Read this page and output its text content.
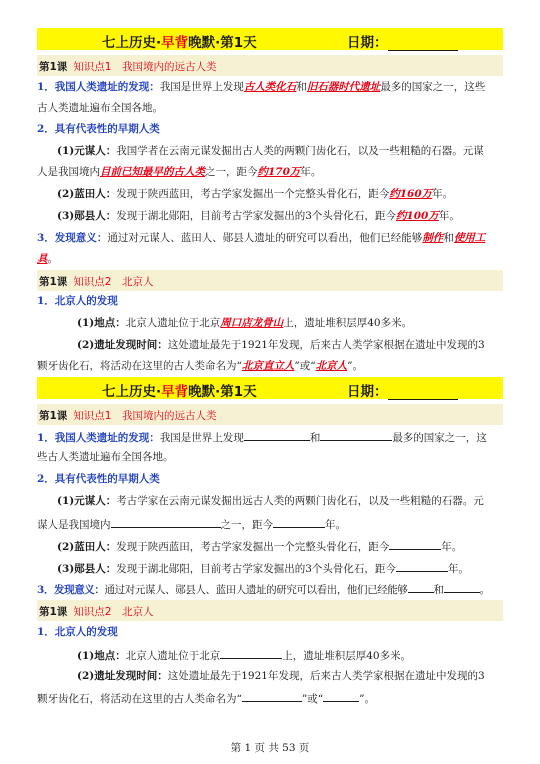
七上历史·早背晚默·第1天	日期：
第1课 知识点1　我国境内的远古人类
1．我国人类遗址的发现：我国是世界上发现古人类化石和旧石器时代遗址最多的国家之一，这些
古人类遗址遍布全国各地。
2．具有代表性的早期人类
(1)元谋人：我国学者在云南元谋发掘出古人类的两颗门齿化石，以及一些粗糙的石器。元谋
人是我国境内目前已知最早的古人类之一，距今约170万年。
(2)蓝田人：发现于陕西蓝田，考古学家发掘出一个完整头骨化石，距今约160万年。
(3)郧县人：发现于湖北郧阳，目前考古学家发掘出的3个头骨化石，距今约100万年。
3．发现意义：通过对元谋人、蓝田人、郧县人遗址的研究可以看出，他们已经能够制作和使用工
具。
第1课 知识点2　北京人
1．北京人的发现
(1)地点：北京人遗址位于北京周口店龙骨山上，遗址堆积层厚40多米。
(2)遗址发现时间：这处遗址最先于1921年发现，后来古人类学家根据在遗址中发现的3
颗牙齿化石，将活动在这里的古人类命名为“北京直立人”或“北京人”。
七上历史·早背晚默·第1天	日期：
第1课 知识点1　我国境内的远古人类
1．我国人类遗址的发现：我国是世界上发现	和	最多的国家之一，这
些古人类遗址遍布全国各地。
2．具有代表性的早期人类
(1)元谋人：考古学家在云南元谋发掘出远古人类的两颗门齿化石，以及一些粗糙的石器。元
谋人是我国境内	之一，距今	年。
(2)蓝田人：发现于陕西蓝田，考古学家发掘出一个完整头骨化石，距今	年。
(3)郧县人：发现于湖北郧阳，目前考古学家发掘出的3个头骨化石，距今	年。
3．发现意义：通过对元谋人、郧县人、蓝田人遗址的研究可以看出，他们已经能够 和	。
第1课 知识点2　北京人
1．北京人的发现
(1)地点：北京人遗址位于北京	上，遗址堆积层厚40多米。
(2)遗址发现时间：这处遗址最先于1921年发现，后来古人类学家根据在遗址中发现的3
颗牙齿化石，将活动在这里的古人类命名为“	”或“	”。
第 1 页 共 53 页
